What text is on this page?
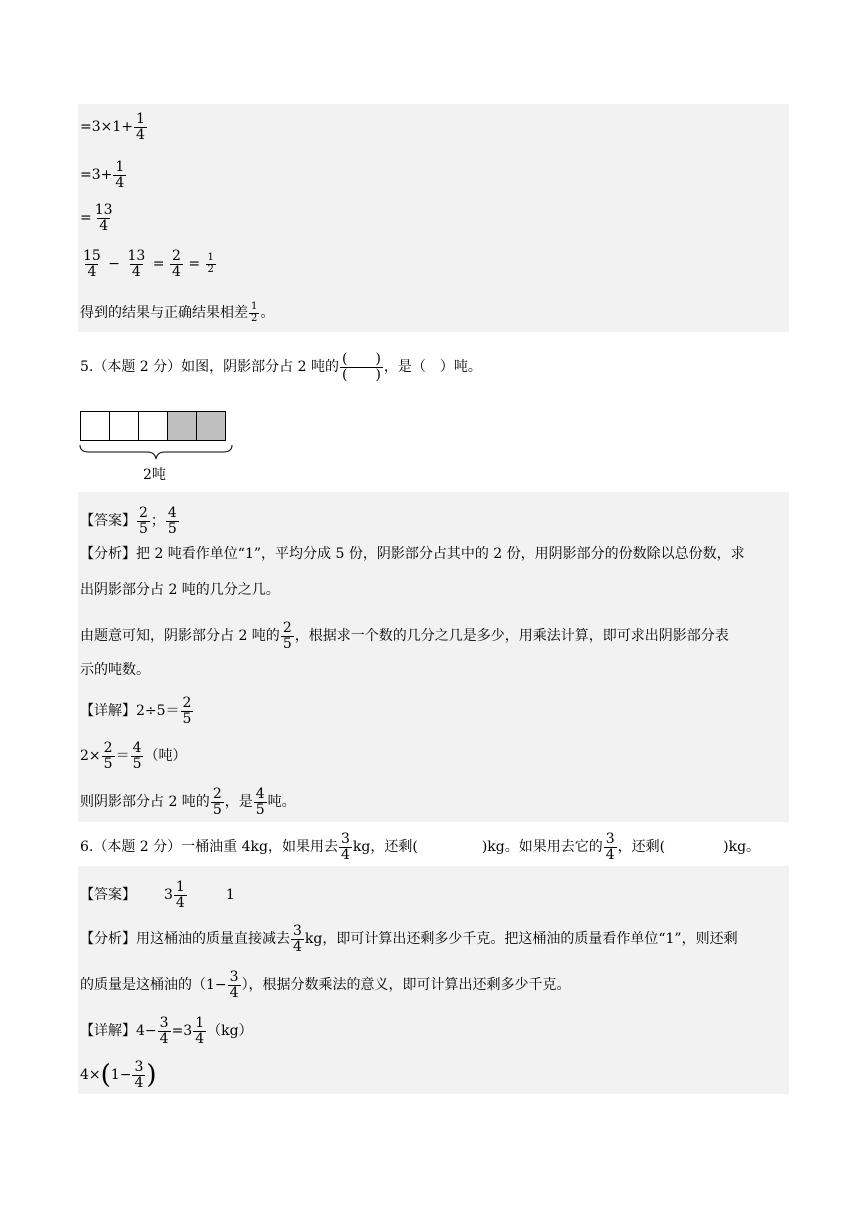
$=3\times 1+ \frac{1}{4}$
$=3+ \frac{1}{4}$
= $\frac{13}{4}$
$\frac{15}{4} - \frac{13}{4} = \frac{2}{4} = \frac{1}{2}$
得到的结果与正确结果相差 $\frac{1}{2}$ 。
5.（本题 2 分）如图，阴影部分占 2 吨的 $\frac{( )}{( )}$ ，是（　）吨。
2吨
【答案】 $\frac{2}{5}$ ； $\frac{4}{5}$
【分析】把 2 吨看作单位“1”，平均分成 5 份，阴影部分占其中的 2 份，用阴影部分的份数除以总份数，求
出阴影部分占 2 吨的几分之几。
由题意可知，阴影部分占 2 吨的 $\frac{2}{5}$ ，根据求一个数的几分之几是多少，用乘法计算，即可求出阴影部分表
示的吨数。
【详解】$2\div 5= \frac{2}{5}$
$2\times \frac{2}{5} = \frac{4}{5}$ （吨）
则阴影部分占 2 吨的 $\frac{2}{5}$ ，是 $\frac{4}{5}$ 吨。
6.（本题 2 分）一桶油重 4kg，如果用去 $\frac{3}{4}$ kg，还剩(	)kg。如果用去它的 $\frac{3}{4}$ ，还剩(	)kg。
【答案】 $3 \frac{1}{4}$	1
【分析】用这桶油的质量直接减去 $\frac{3}{4}$ kg，即可计算出还剩多少千克。把这桶油的质量看作单位“1”，则还剩
的质量是这桶油的（$1- \frac{3}{4}$ ），根据分数乘法的意义，即可计算出还剩多少千克。
【详解】$4- \frac{3}{4} =3 \frac{1}{4} (kg)$
$4\times(1- \frac{3}{4}$ )
